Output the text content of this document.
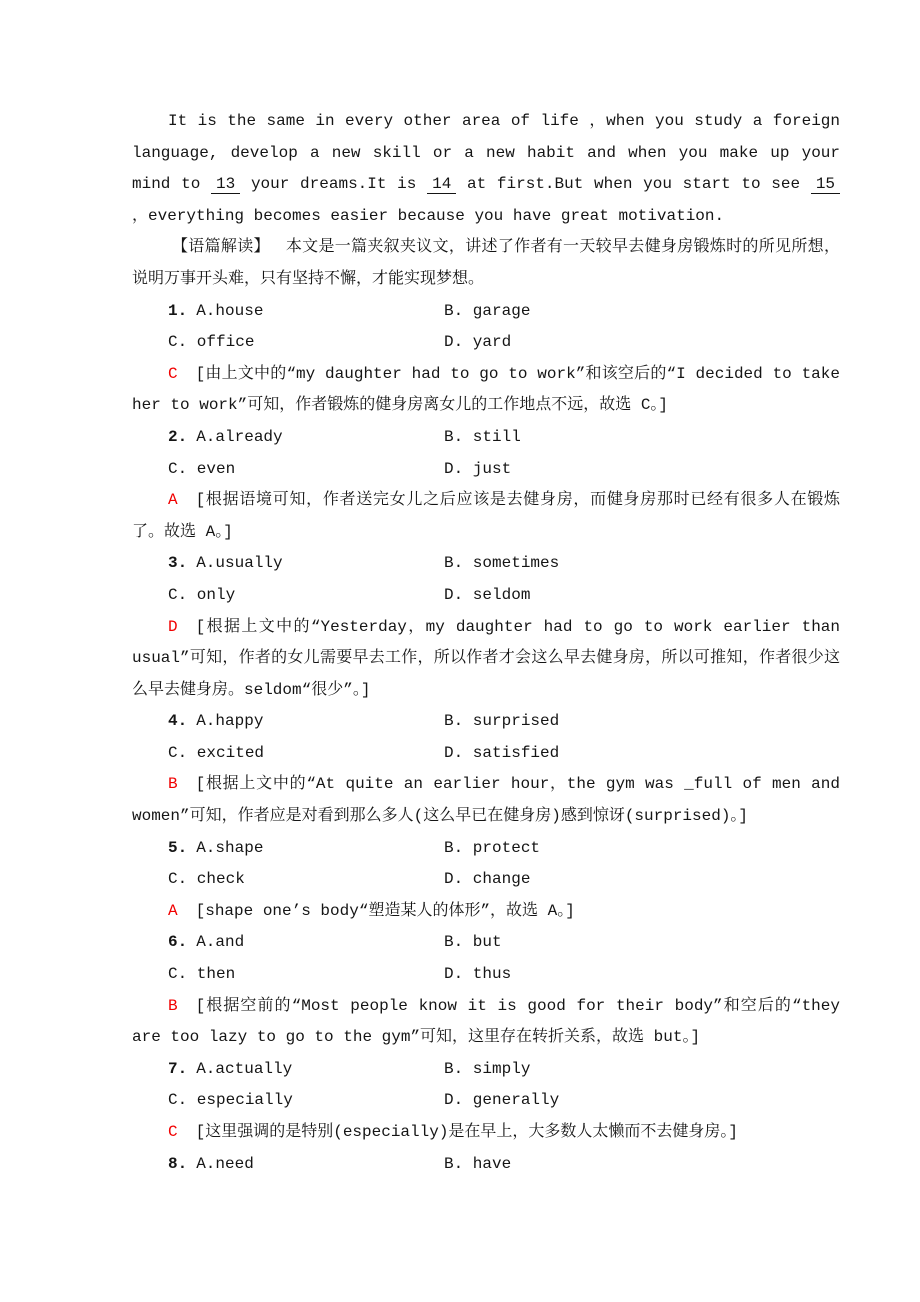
It is the same in every other area of life ，when you study a foreign language, develop a new skill or a new habit and when you make up your mind to 13 your dreams.It is 14 at first.But when you start to see 15 ，everything becomes easier because you have great motivation.

【语篇解读】 本文是一篇夹叙夹议文，讲述了作者有一天较早去健身房锻炼时的所见所想，说明万事开头难，只有坚持不懈，才能实现梦想。

1. A.house	B. garage
C. office	D. yard

C [由上文中的“my daughter had to go to work”和该空后的“I decided to take her to work”可知，作者锻炼的健身房离女儿的工作地点不远，故选 C。]

2. A.already	B. still
C. even	D. just

A [根据语境可知，作者送完女儿之后应该是去健身房，而健身房那时已经有很多人在锻炼了。故选 A。]

3. A.usually	B. sometimes
C. only	D. seldom

D [根据上文中的“Yesterday，my daughter had to go to work earlier than usual”可知，作者的女儿需要早去工作，所以作者才会这么早去健身房，所以可推知，作者很少这么早去健身房。seldom“很少”。]

4. A.happy	B. surprised
C. excited	D. satisfied

B [根据上文中的“At quite an earlier hour，the gym was _full of men and women”可知，作者应是对看到那么多人(这么早已在健身房)感到惊讶(surprised)。]

5. A.shape	B. protect
C. check	D. change

A [shape one’s body“塑造某人的体形”，故选 A。]

6. A.and	B. but
C. then	D. thus

B [根据空前的“Most people know it is good for their body”和空后的“they are too lazy to go to the gym”可知，这里存在转折关系，故选 but。]

7. A.actually	B. simply
C. especially	D. generally

C [这里强调的是特别(especially)是在早上，大多数人太懒而不去健身房。]

8. A.need	B. have
